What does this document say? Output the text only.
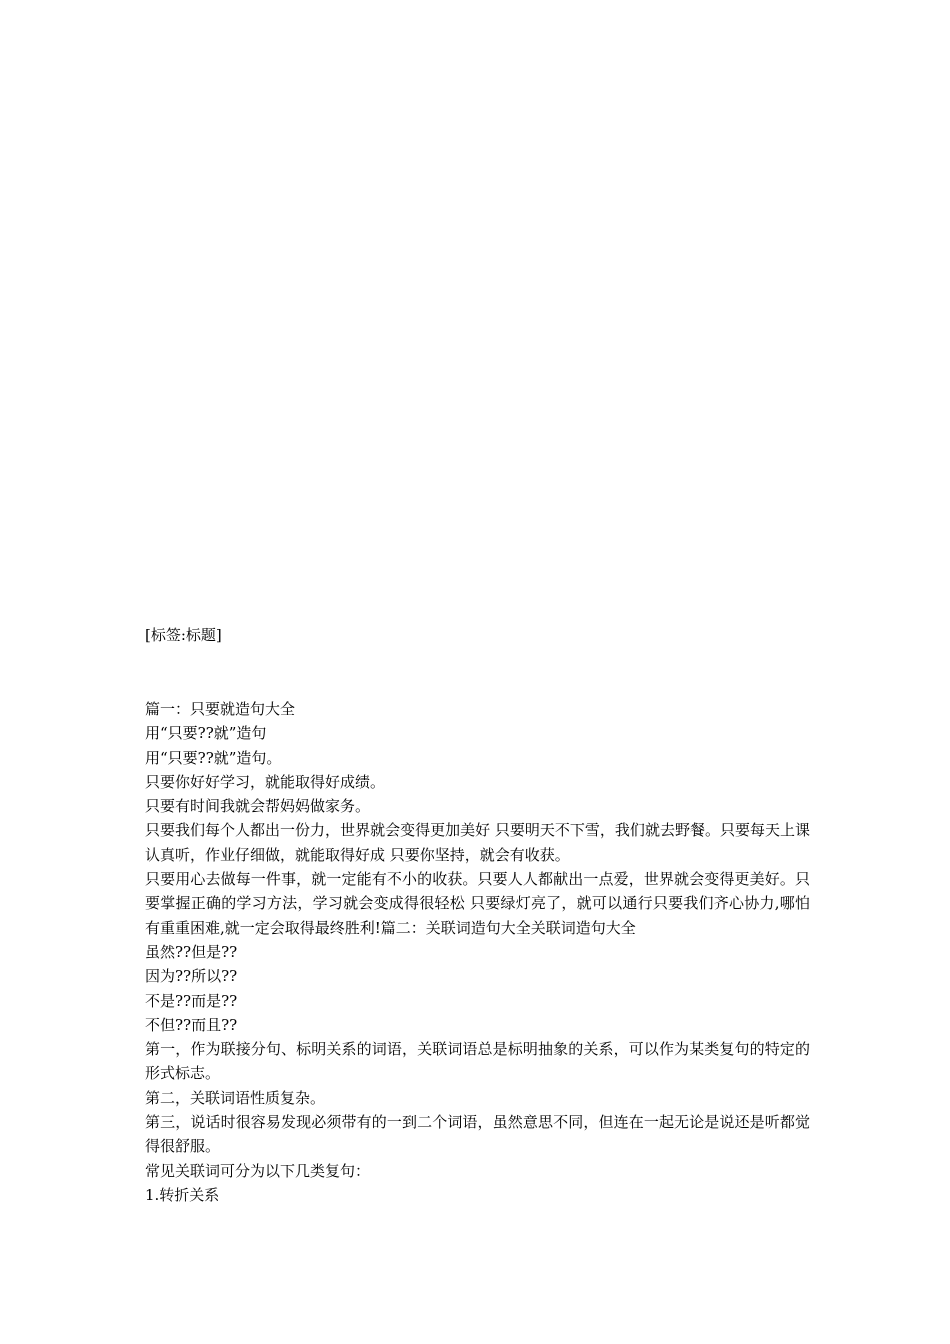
[标签:标题]

篇一：只要就造句大全

用“只要??就”造句

用“只要??就”造句。

只要你好好学习，就能取得好成绩。

只要有时间我就会帮妈妈做家务。

只要我们每个人都出一份力，世界就会变得更加美好 只要明天不下雪，我们就去野餐。只要每天上课认真听，作业仔细做，就能取得好成 只要你坚持，就会有收获。

只要用心去做每一件事，就一定能有不小的收获。只要人人都献出一点爱，世界就会变得更美好。只要掌握正确的学习方法，学习就会变成得很轻松 只要绿灯亮了，就可以通行只要我们齐心协力,哪怕有重重困难,就一定会取得最终胜利!篇二：关联词造句大全关联词造句大全

虽然??但是??

因为??所以??

不是??而是??

不但??而且??

第一，作为联接分句、标明关系的词语，关联词语总是标明抽象的关系，可以作为某类复句的特定的形式标志。

第二，关联词语性质复杂。

第三，说话时很容易发现必须带有的一到二个词语，虽然意思不同，但连在一起无论是说还是听都觉得很舒服。

常见关联词可分为以下几类复句：

1.转折关系
